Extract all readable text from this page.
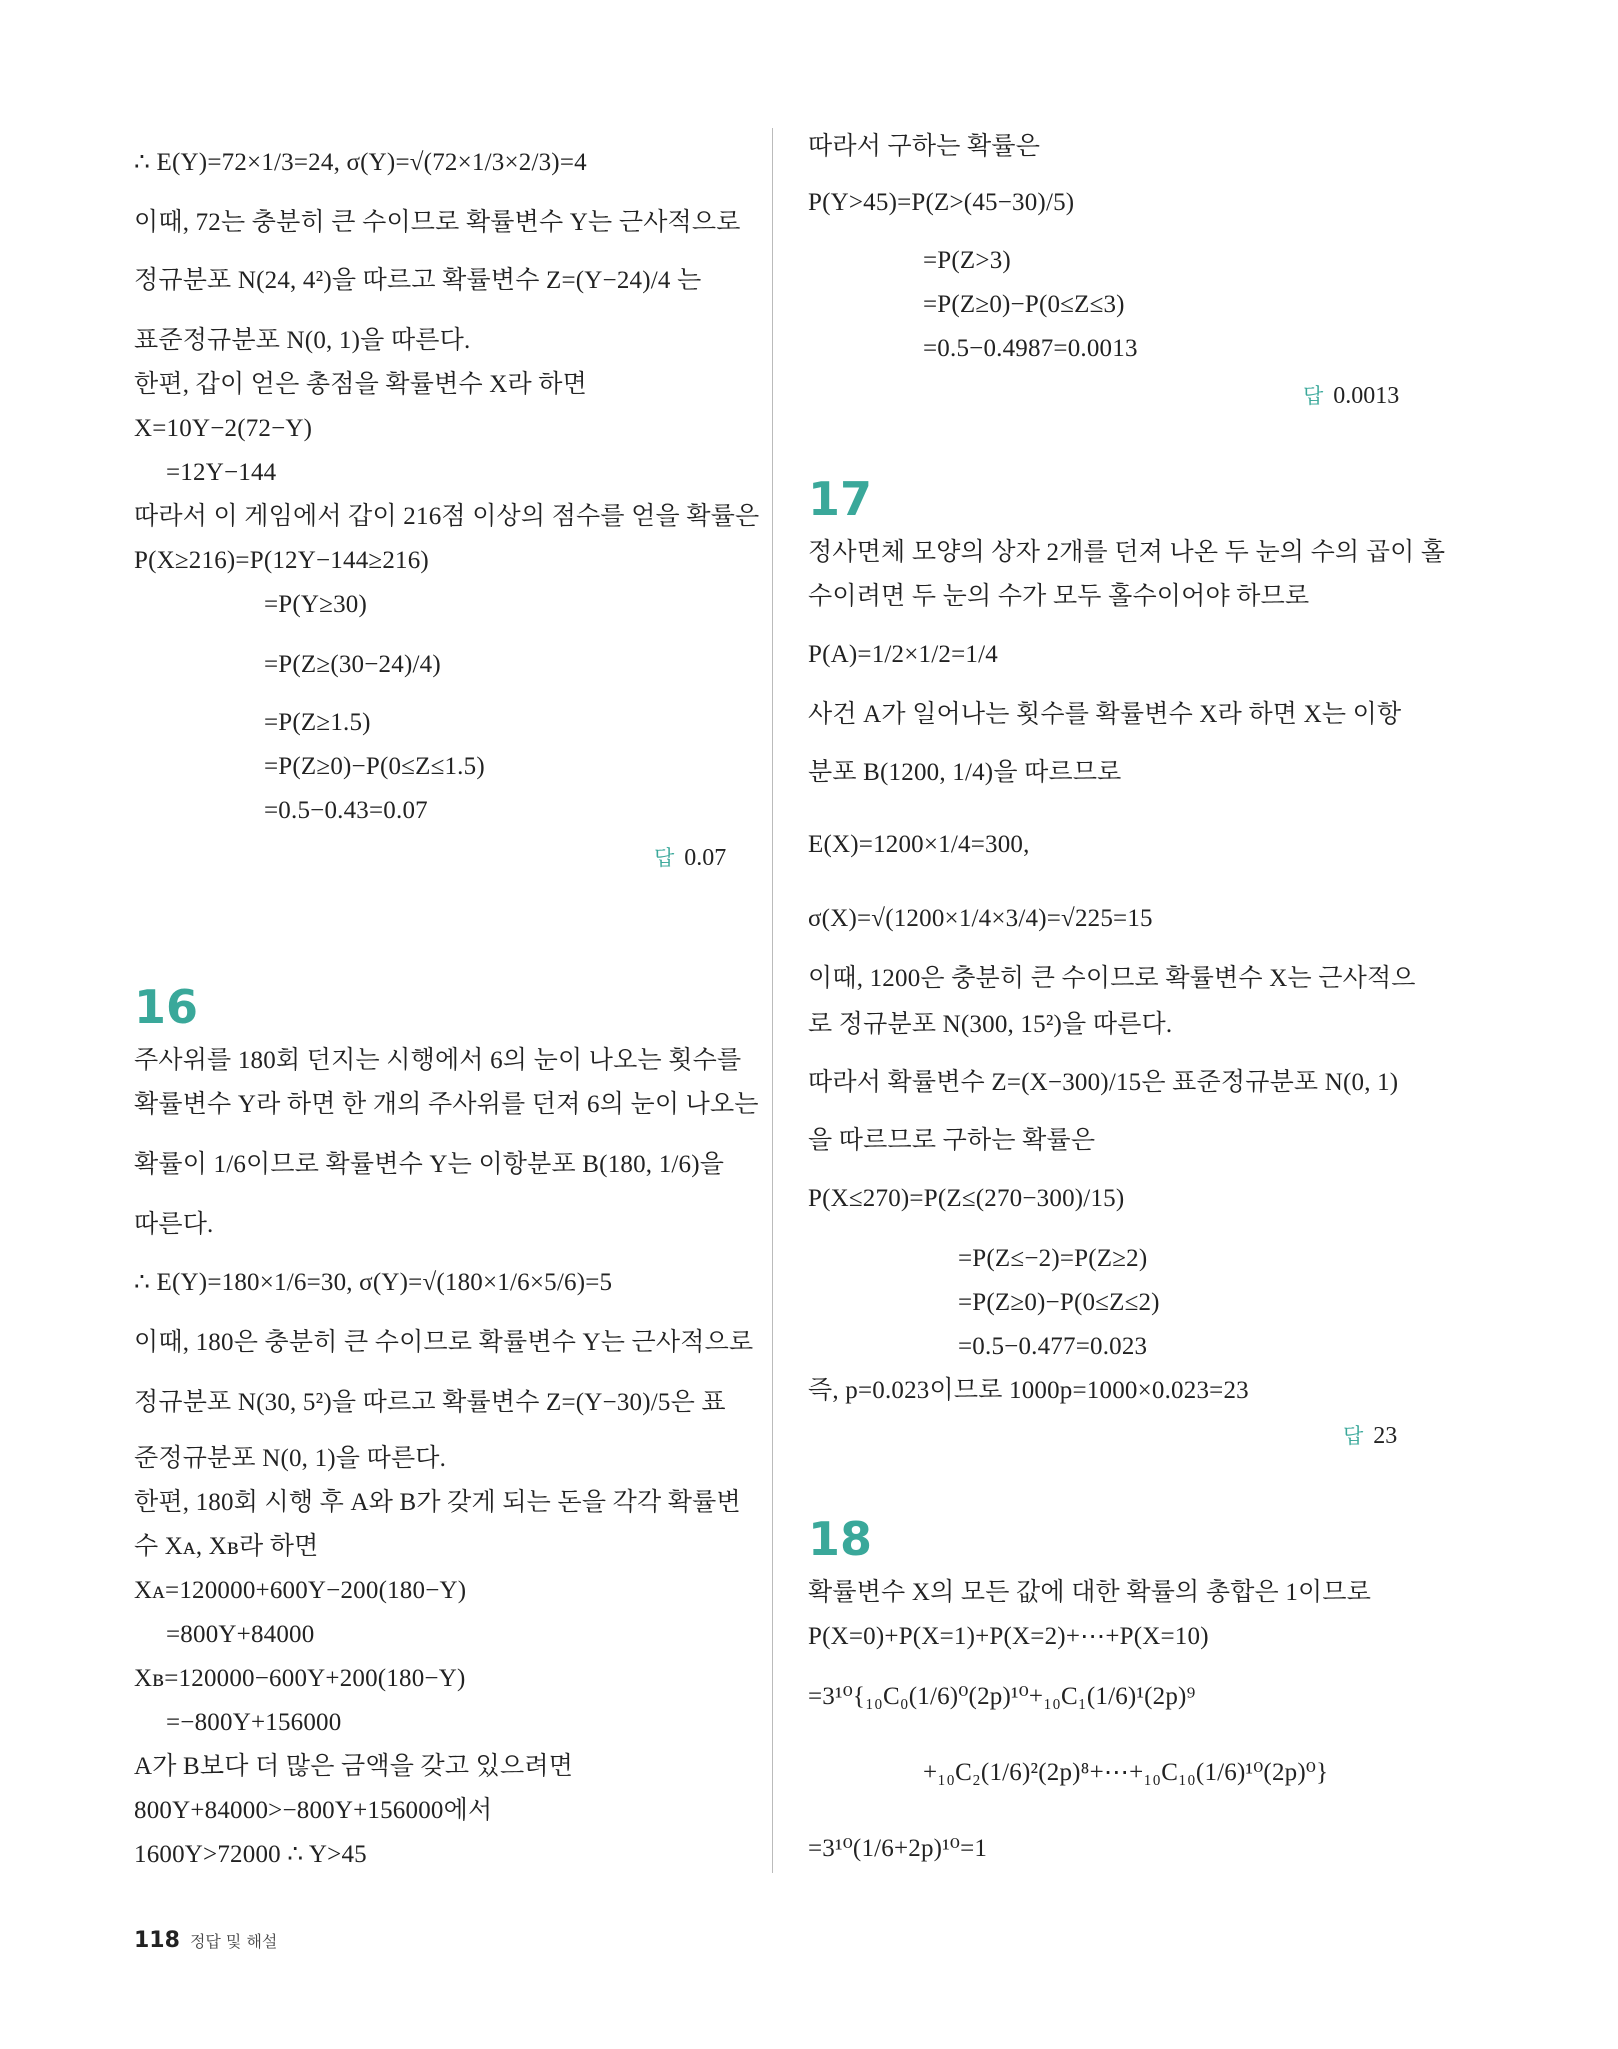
∴ E(Y)=72×1/3=24, σ(Y)=√(72×1/3×2/3)=4
이때, 72는 충분히 큰 수이므로 확률변수 Y는 근사적으로
정규분포 N(24, 4²)을 따르고 확률변수 Z=(Y−24)/4 는
표준정규분포 N(0, 1)을 따른다.
한편, 갑이 얻은 총점을 확률변수 X라 하면
X=10Y−2(72−Y)
=12Y−144
따라서 이 게임에서 갑이 216점 이상의 점수를 얻을 확률은
P(X≥216)=P(12Y−144≥216)
=P(Y≥30)
=P(Z≥(30−24)/4)
=P(Z≥1.5)
=P(Z≥0)−P(0≤Z≤1.5)
=0.5−0.43=0.07
답 0.07
16
주사위를 180회 던지는 시행에서 6의 눈이 나오는 횟수를
확률변수 Y라 하면 한 개의 주사위를 던져 6의 눈이 나오는
확률이 1/6이므로 확률변수 Y는 이항분포 B(180, 1/6)을
따른다.
∴ E(Y)=180×1/6=30, σ(Y)=√(180×1/6×5/6)=5
이때, 180은 충분히 큰 수이므로 확률변수 Y는 근사적으로
정규분포 N(30, 5²)을 따르고 확률변수 Z=(Y−30)/5은 표
준정규분포 N(0, 1)을 따른다.
한편, 180회 시행 후 A와 B가 갖게 되는 돈을 각각 확률변
수 Xᴀ, Xʙ라 하면
Xᴀ=120000+600Y−200(180−Y)
=800Y+84000
Xʙ=120000−600Y+200(180−Y)
=−800Y+156000
A가 B보다 더 많은 금액을 갖고 있으려면
800Y+84000>−800Y+156000에서
1600Y>72000 ∴ Y>45
따라서 구하는 확률은
P(Y>45)=P(Z>(45−30)/5)
=P(Z>3)
=P(Z≥0)−P(0≤Z≤3)
=0.5−0.4987=0.0013
답 0.0013
17
정사면체 모양의 상자 2개를 던져 나온 두 눈의 수의 곱이 홀
수이려면 두 눈의 수가 모두 홀수이어야 하므로
P(A)=1/2×1/2=1/4
사건 A가 일어나는 횟수를 확률변수 X라 하면 X는 이항
분포 B(1200, 1/4)을 따르므로
E(X)=1200×1/4=300,
σ(X)=√(1200×1/4×3/4)=√225=15
이때, 1200은 충분히 큰 수이므로 확률변수 X는 근사적으
로 정규분포 N(300, 15²)을 따른다.
따라서 확률변수 Z=(X−300)/15은 표준정규분포 N(0, 1)
을 따르므로 구하는 확률은
P(X≤270)=P(Z≤(270−300)/15)
=P(Z≤−2)=P(Z≥2)
=P(Z≥0)−P(0≤Z≤2)
=0.5−0.477=0.023
즉, p=0.023이므로 1000p=1000×0.023=23
답 23
18
확률변수 X의 모든 값에 대한 확률의 총합은 1이므로
P(X=0)+P(X=1)+P(X=2)+⋯+P(X=10)
=3¹⁰{₁₀C₀(1/6)⁰(2p)¹⁰+₁₀C₁(1/6)¹(2p)⁹
+₁₀C₂(1/6)²(2p)⁸+⋯+₁₀C₁₀(1/6)¹⁰(2p)⁰}
=3¹⁰(1/6+2p)¹⁰=1
118 정답 및 해설
